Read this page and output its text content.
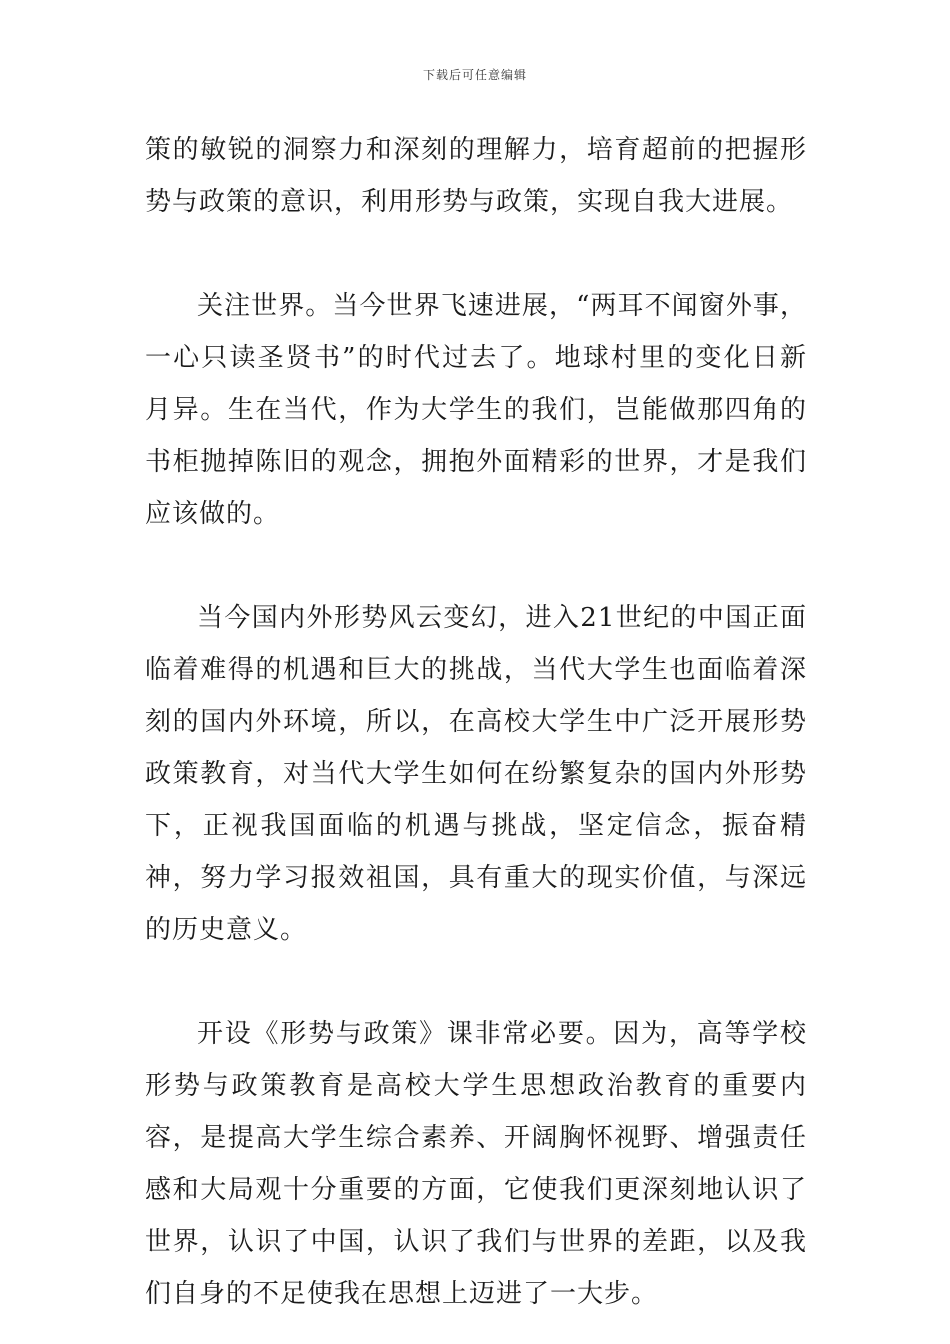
下载后可任意编辑

策的敏锐的洞察力和深刻的理解力，培育超前的把握形势与政策的意识，利用形势与政策，实现自我大进展。

关注世界。当今世界飞速进展，“两耳不闻窗外事，一心只读圣贤书”的时代过去了。地球村里的变化日新月异。生在当代，作为大学生的我们，岂能做那四角的书柜抛掉陈旧的观念，拥抱外面精彩的世界，才是我们应该做的。

当今国内外形势风云变幻，进入21世纪的中国正面临着难得的机遇和巨大的挑战，当代大学生也面临着深刻的国内外环境，所以，在高校大学生中广泛开展形势政策教育，对当代大学生如何在纷繁复杂的国内外形势下，正视我国面临的机遇与挑战，坚定信念，振奋精神，努力学习报效祖国，具有重大的现实价值，与深远的历史意义。

开设《形势与政策》课非常必要。因为，高等学校形势与政策教育是高校大学生思想政治教育的重要内容，是提高大学生综合素养、开阔胸怀视野、增强责任感和大局观十分重要的方面，它使我们更深刻地认识了世界，认识了中国，认识了我们与世界的差距，以及我们自身的不足使我在思想上迈进了一大步。
